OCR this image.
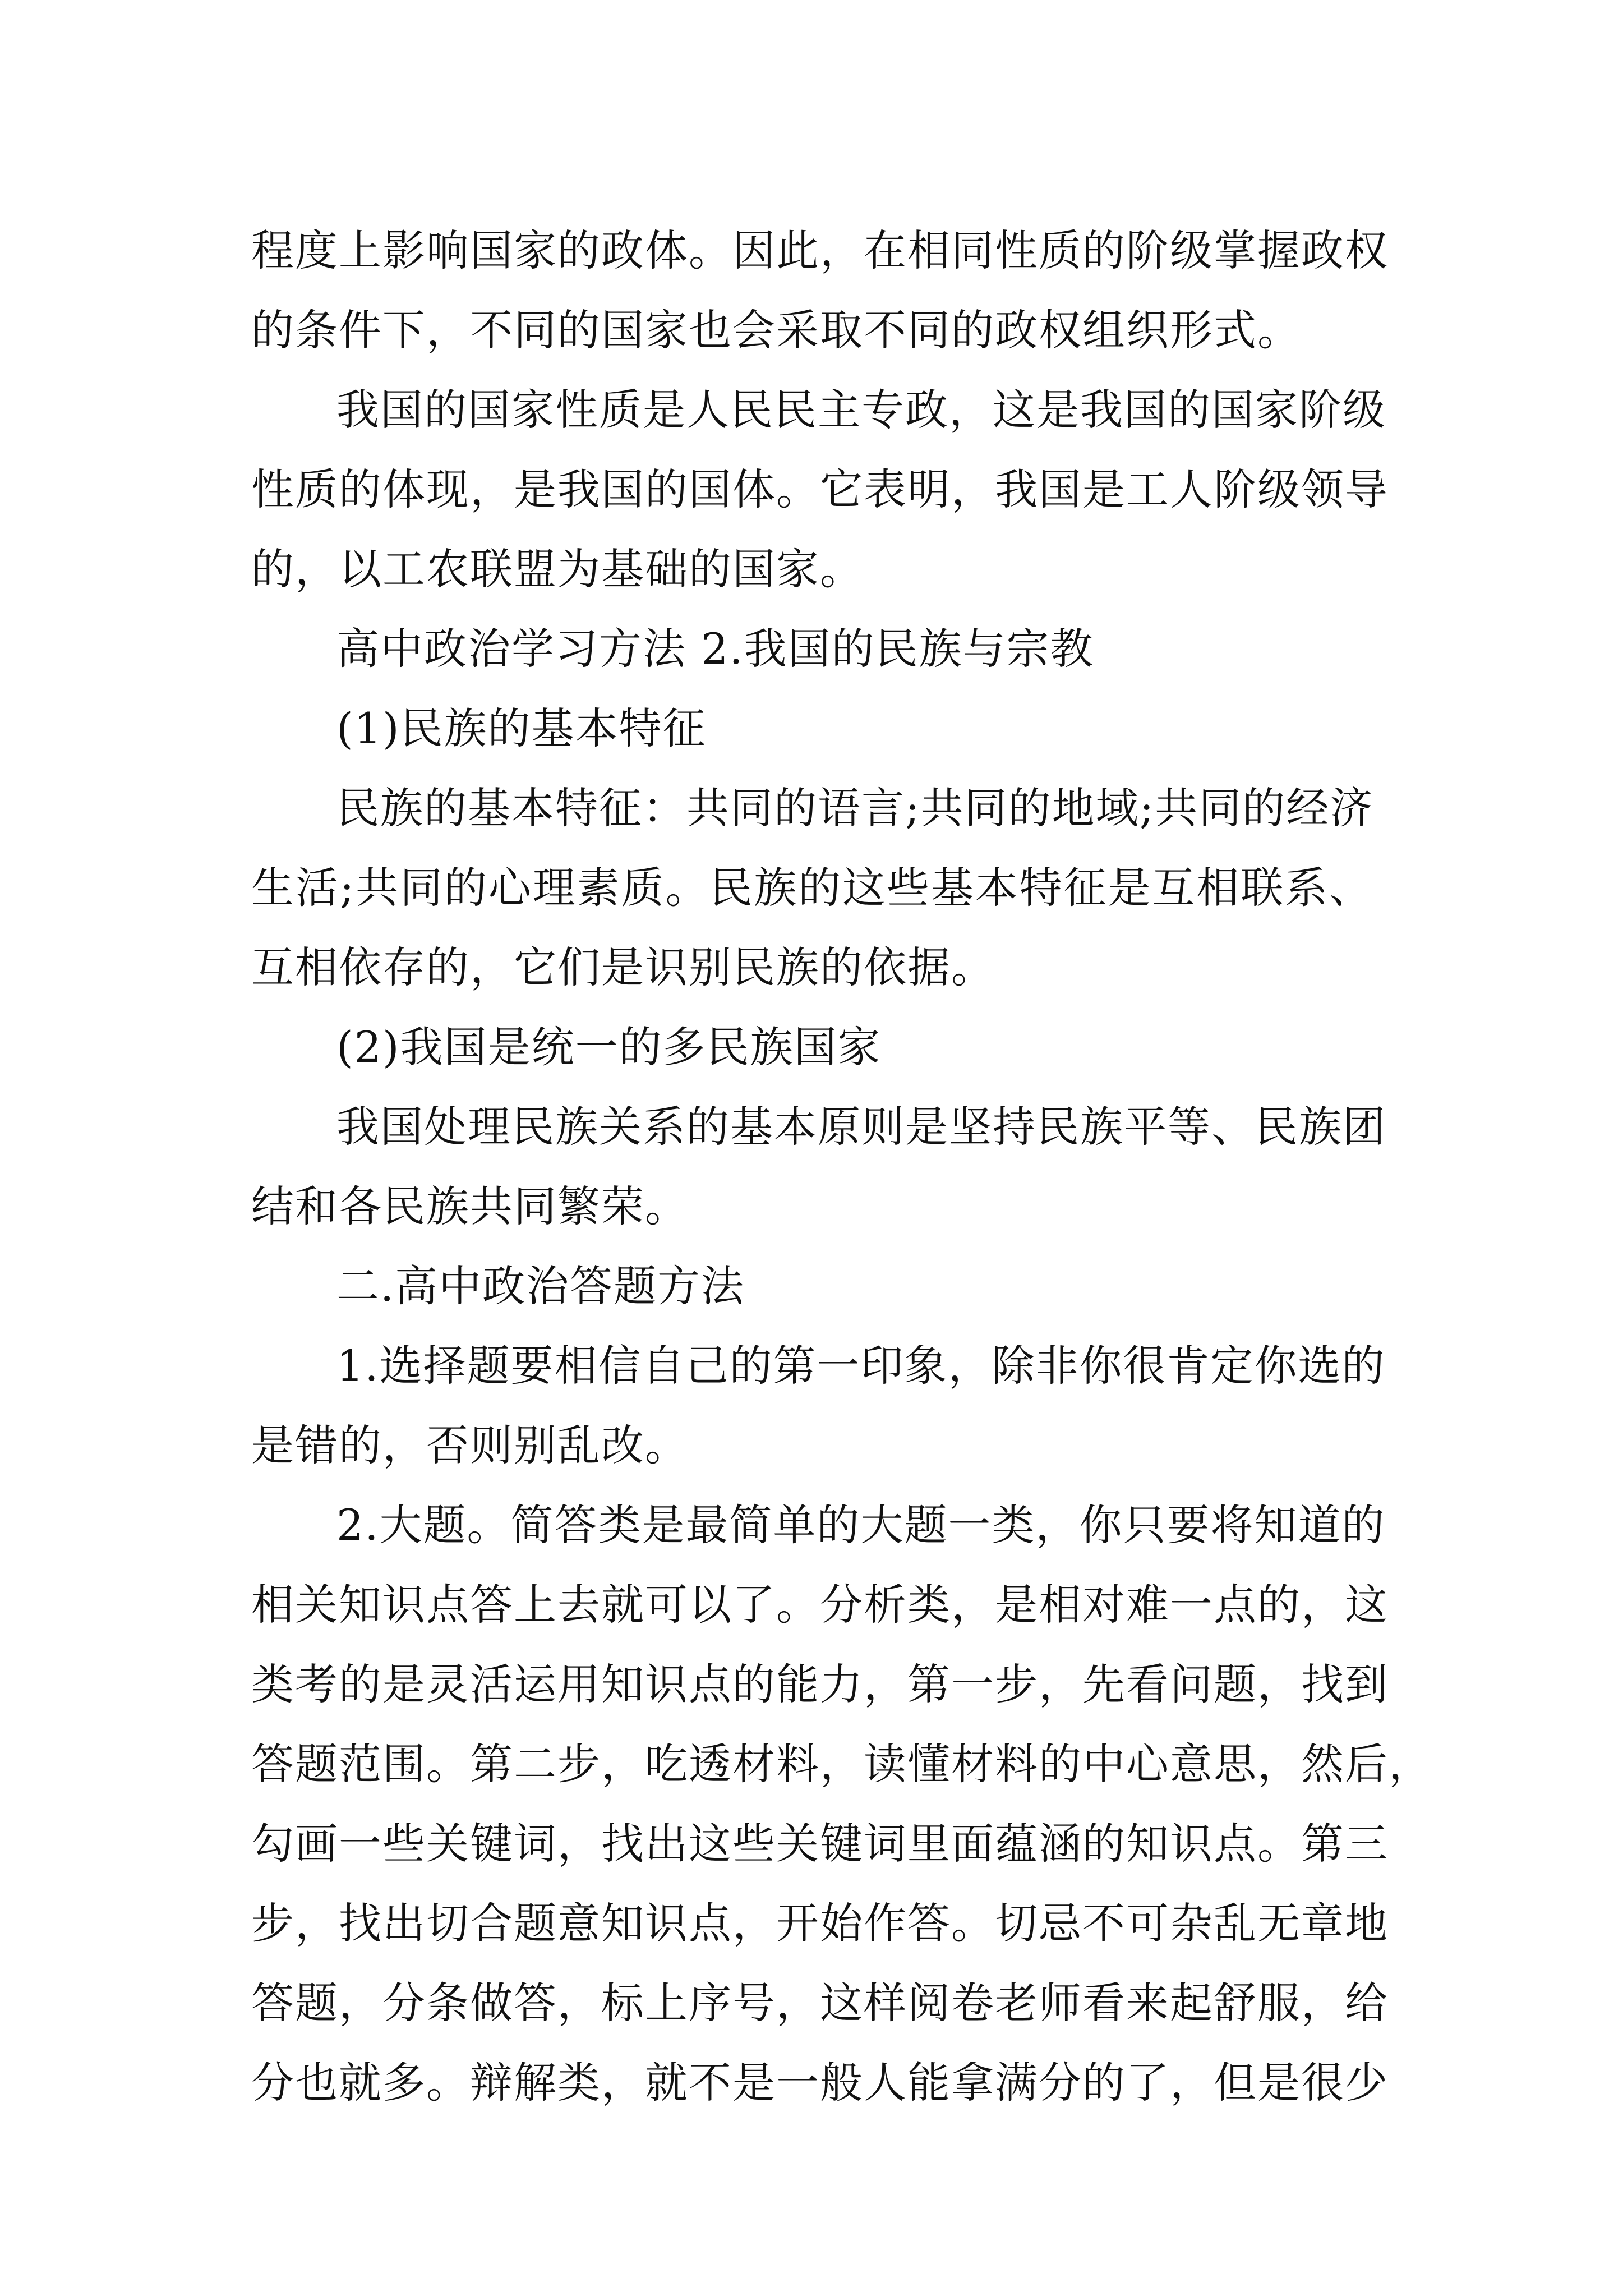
程度上影响国家的政体。因此，在相同性质的阶级掌握政权
的条件下，不同的国家也会采取不同的政权组织形式。

我国的国家性质是人民民主专政，这是我国的国家阶级
性质的体现，是我国的国体。它表明，我国是工人阶级领导
的，以工农联盟为基础的国家。

高中政治学习方法 2.我国的民族与宗教

(1)民族的基本特征

民族的基本特征：共同的语言;共同的地域;共同的经济
生活;共同的心理素质。民族的这些基本特征是互相联系、
互相依存的，它们是识别民族的依据。

(2)我国是统一的多民族国家

我国处理民族关系的基本原则是坚持民族平等、民族团
结和各民族共同繁荣。

二.高中政治答题方法

1.选择题要相信自己的第一印象，除非你很肯定你选的
是错的，否则别乱改。

2.大题。简答类是最简单的大题一类，你只要将知道的
相关知识点答上去就可以了。分析类，是相对难一点的，这
类考的是灵活运用知识点的能力，第一步，先看问题，找到
答题范围。第二步，吃透材料，读懂材料的中心意思，然后，
勾画一些关键词，找出这些关键词里面蕴涵的知识点。第三
步，找出切合题意知识点，开始作答。切忌不可杂乱无章地
答题，分条做答，标上序号，这样阅卷老师看来起舒服，给
分也就多。辩解类，就不是一般人能拿满分的了，但是很少
